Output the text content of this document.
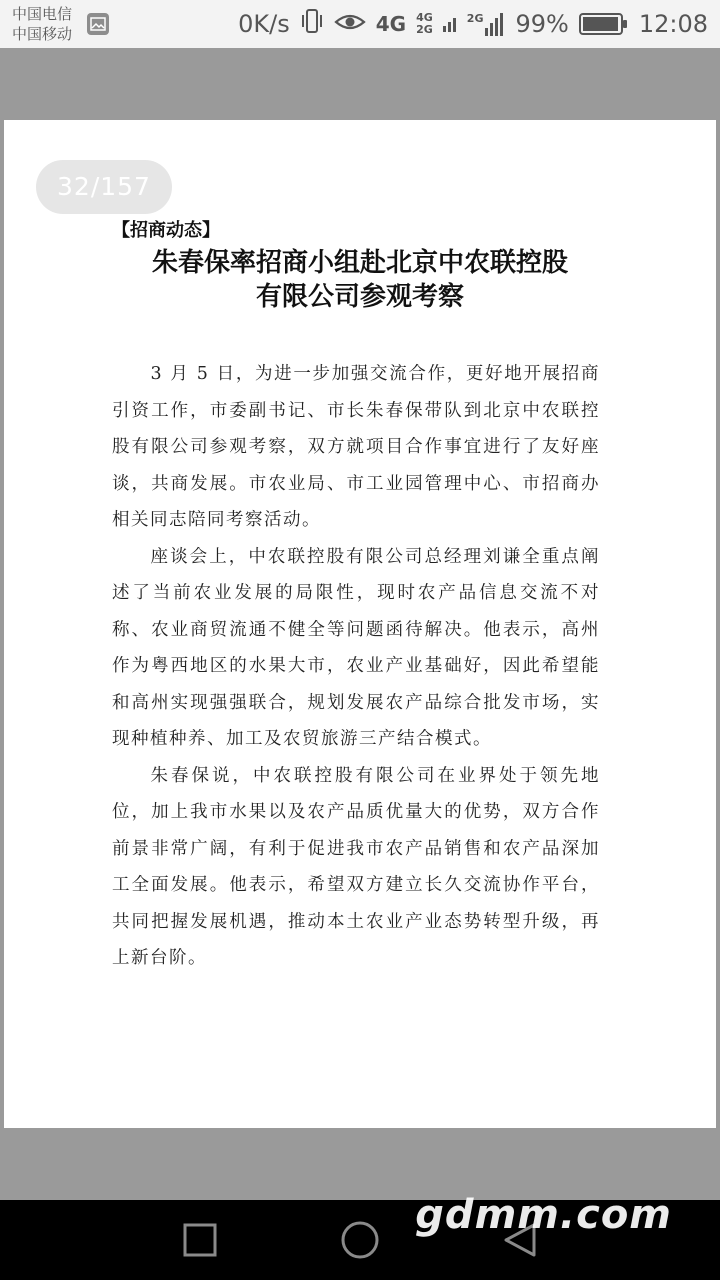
中国电信
中国移动	0K/s	4G 4G
2G
2G 99%	12:08
32/157
【招商动态】
朱春保率招商小组赴北京中农联控股
有限公司参观考察

3 月 5 日，为进一步加强交流合作，更好地开展招商引资工作，市委副书记、市长朱春保带队到北京中农联控股有限公司参观考察，双方就项目合作事宜进行了友好座谈，共商发展。市农业局、市工业园管理中心、市招商办相关同志陪同考察活动。

座谈会上，中农联控股有限公司总经理刘谦全重点阐述了当前农业发展的局限性，现时农产品信息交流不对称、农业商贸流通不健全等问题函待解决。他表示，高州作为粤西地区的水果大市，农业产业基础好，因此希望能和高州实现强强联合，规划发展农产品综合批发市场，实现种植种养、加工及农贸旅游三产结合模式。

朱春保说，中农联控股有限公司在业界处于领先地位，加上我市水果以及农产品质优量大的优势，双方合作前景非常广阔，有利于促进我市农产品销售和农产品深加工全面发展。他表示，希望双方建立长久交流协作平台，共同把握发展机遇，推动本土农业产业态势转型升级，再上新台阶。

gdmm.com
